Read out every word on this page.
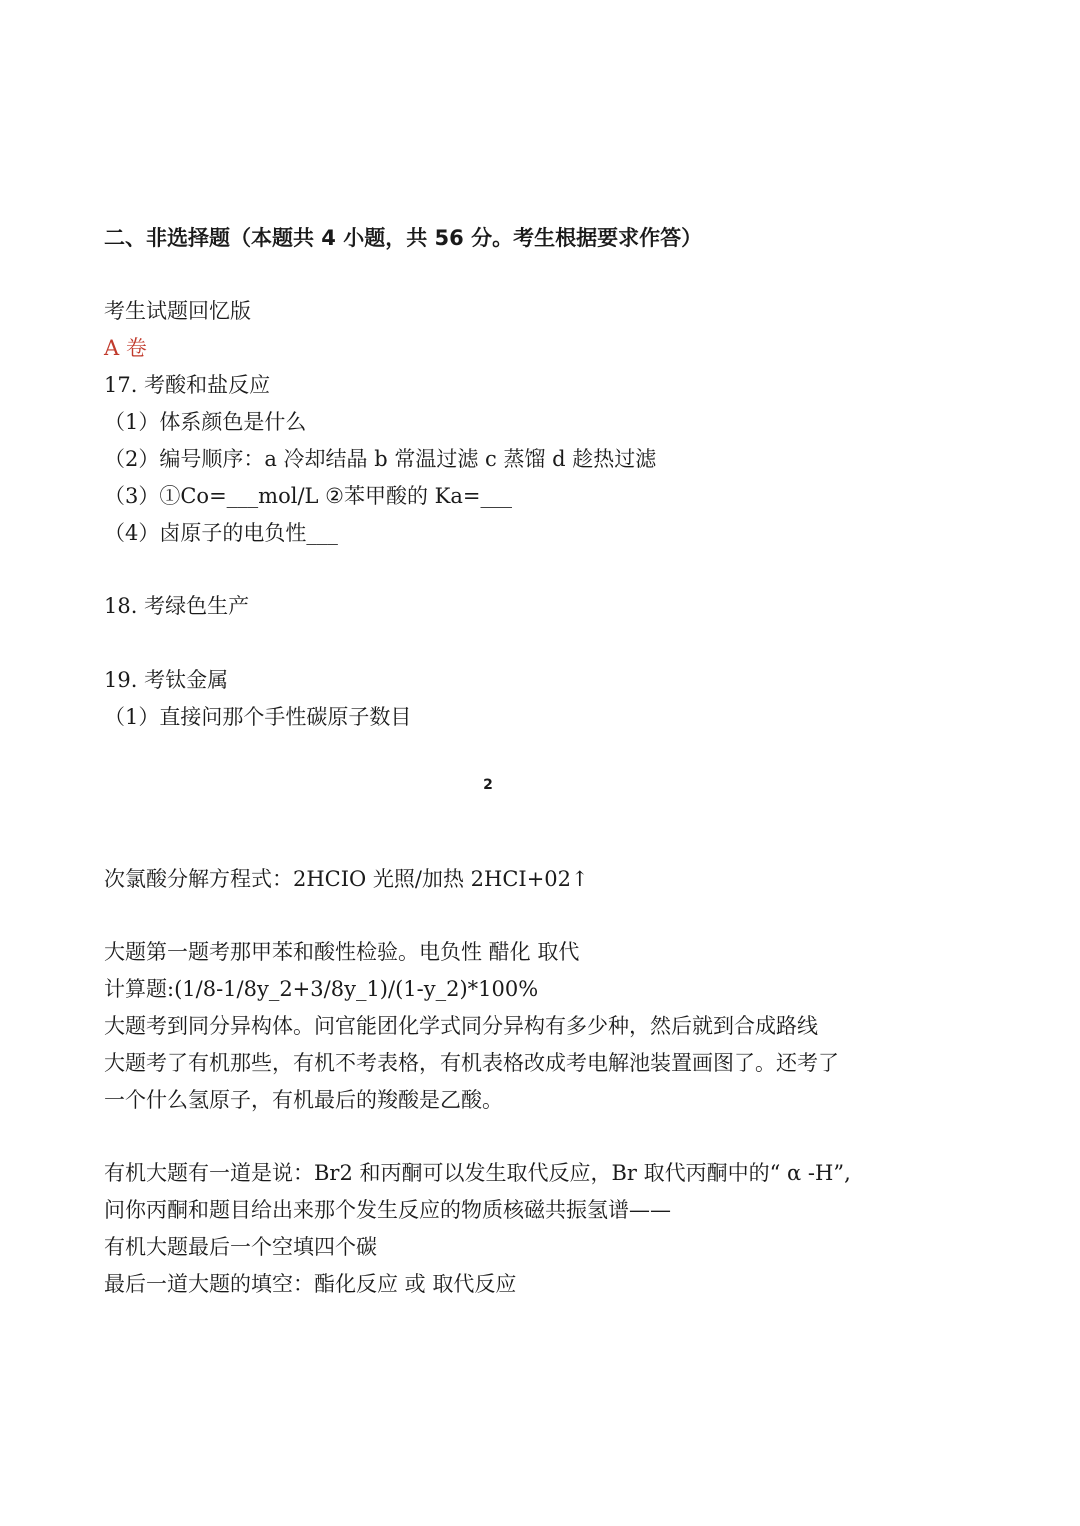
二、非选择题（本题共 4 小题，共 56 分。考生根据要求作答）
考生试题回忆版
A 卷
17. 考酸和盐反应
（1）体系颜色是什么
（2）编号顺序：a 冷却结晶 b 常温过滤 c 蒸馏 d 趁热过滤
（3）①Co=___mol/L ②苯甲酸的 Ka=___
（4）卤原子的电负性___
18. 考绿色生产
19. 考钛金属
（1）直接问那个手性碳原子数目
2
次氯酸分解方程式：2HCIO 光照/加热 2HCI+02↑
大题第一题考那甲苯和酸性检验。电负性 醋化 取代
计算题:(1/8-1/8y_2+3/8y_1)/(1-y_2)*100%
大题考到同分异构体。问官能团化学式同分异构有多少种，然后就到合成路线
大题考了有机那些，有机不考表格，有机表格改成考电解池装置画图了。还考了
一个什么氢原子，有机最后的羧酸是乙酸。
有机大题有一道是说：Br2 和丙酮可以发生取代反应，Br 取代丙酮中的“ α -H”,
问你丙酮和题目给出来那个发生反应的物质核磁共振氢谱——
有机大题最后一个空填四个碳
最后一道大题的填空：酯化反应 或 取代反应
